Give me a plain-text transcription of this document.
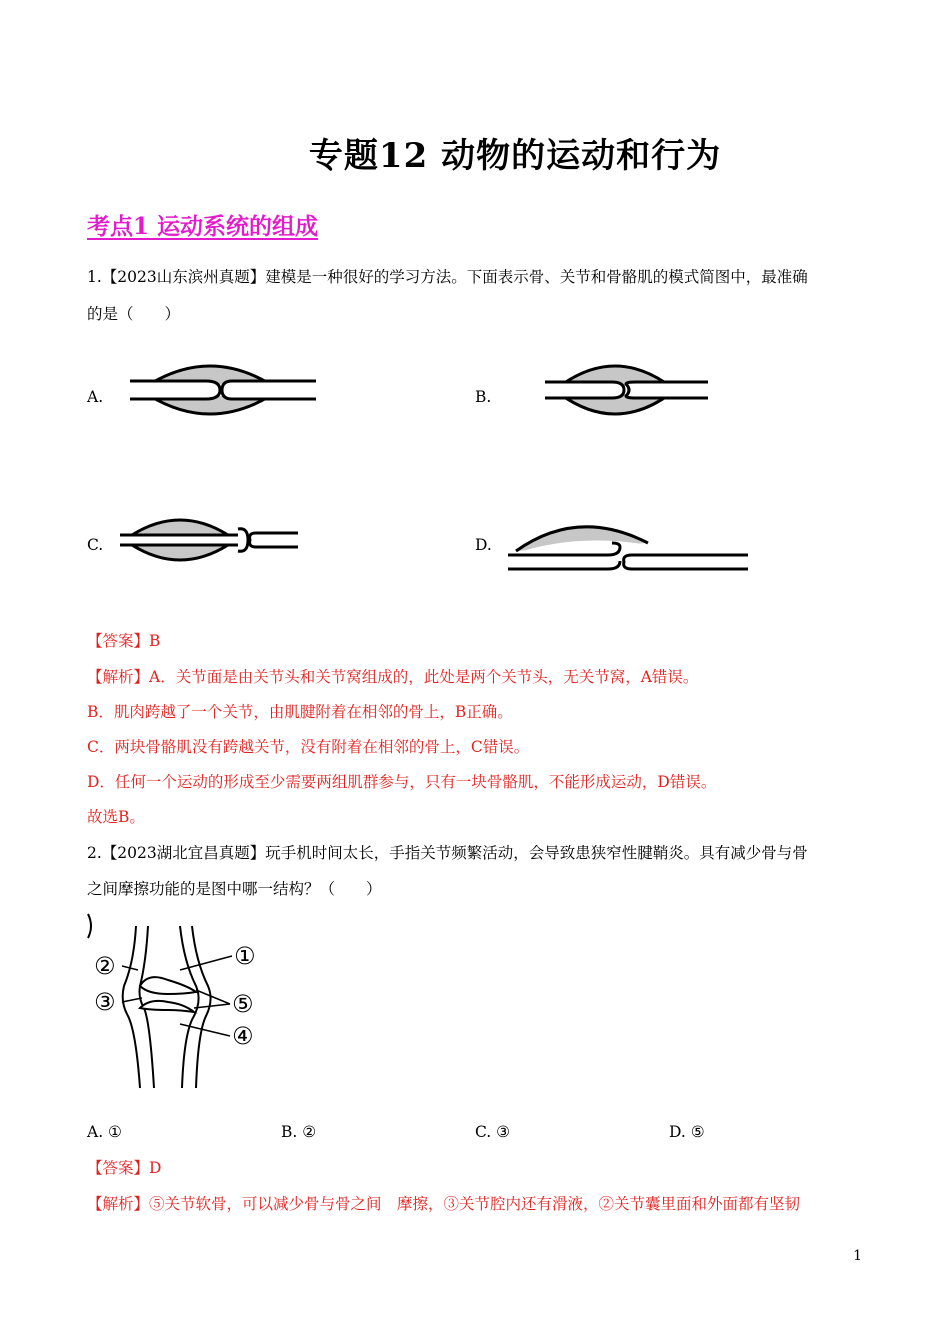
专题12 动物的运动和行为
考点1 运动系统的组成
1.【2023山东滨州真题】建模是一种很好的学习方法。下面表示骨、关节和骨骼肌的模式简图中，最准确
的是（　　）
A.	B.
C.	D.
【答案】B
【解析】A．关节面是由关节头和关节窝组成的，此处是两个关节头，无关节窝，A错误。
B．肌肉跨越了一个关节，由肌腱附着在相邻的骨上，B正确。
C．两块骨骼肌没有跨越关节，没有附着在相邻的骨上，C错误。
D．任何一个运动的形成至少需要两组肌群参与，只有一块骨骼肌，不能形成运动，D错误。
故选B。
2.【2023湖北宜昌真题】玩手机时间太长，手指关节频繁活动，会导致患狭窄性腱鞘炎。具有减少骨与骨
之间摩擦功能的是图中哪一结构？（　　）
①
②
③	⑤
④
A. ①	B. ②	C. ③	D. ⑤
【答案】D
【解析】⑤关节软骨，可以减少骨与骨之间　摩擦，③关节腔内还有滑液，②关节囊里面和外面都有坚韧
1
